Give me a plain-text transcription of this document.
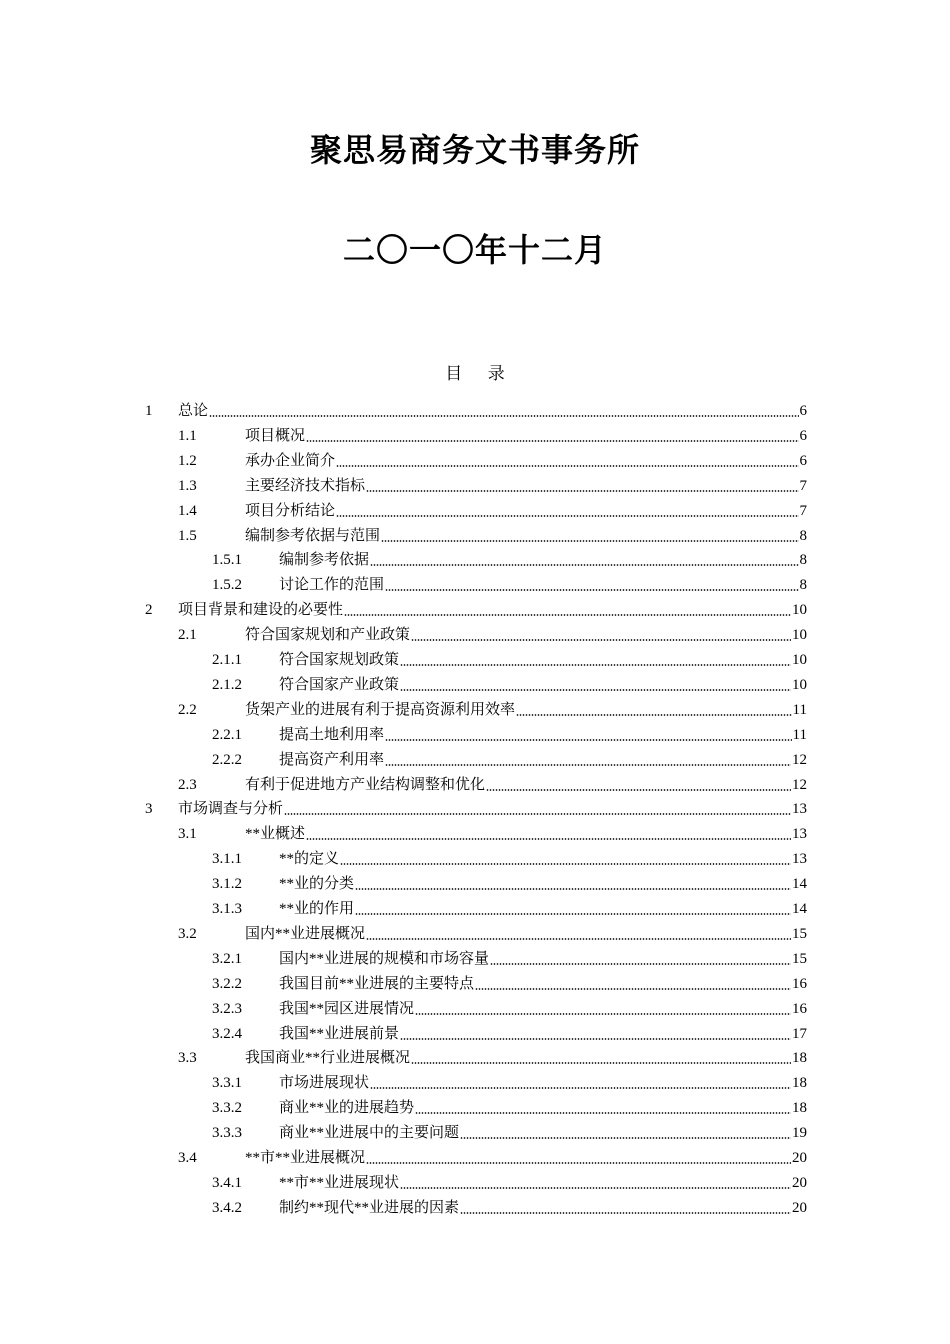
聚思易商务文书事务所
二〇一〇年十二月
目 录
1	总论	6
1.1	项目概况	6
1.2	承办企业简介	6
1.3	主要经济技术指标	7
1.4	项目分析结论	7
1.5	编制参考依据与范围	8
1.5.1	编制参考依据	8
1.5.2	讨论工作的范围	8
2	项目背景和建设的必要性	10
2.1	符合国家规划和产业政策	10
2.1.1	符合国家规划政策	10
2.1.2	符合国家产业政策	10
2.2	货架产业的进展有利于提高资源利用效率	11
2.2.1	提高土地利用率	11
2.2.2	提高资产利用率	12
2.3	有利于促进地方产业结构调整和优化	12
3	市场调查与分析	13
3.1	**业概述	13
3.1.1	**的定义	13
3.1.2	**业的分类	14
3.1.3	**业的作用	14
3.2	国内**业进展概况	15
3.2.1	国内**业进展的规模和市场容量	15
3.2.2	我国目前**业进展的主要特点	16
3.2.3	我国**园区进展情况	16
3.2.4	我国**业进展前景	17
3.3	我国商业**行业进展概况	18
3.3.1	市场进展现状	18
3.3.2	商业**业的进展趋势	18
3.3.3	商业**业进展中的主要问题	19
3.4	**市**业进展概况	20
3.4.1	**市**业进展现状	20
3.4.2	制约**现代**业进展的因素	20
